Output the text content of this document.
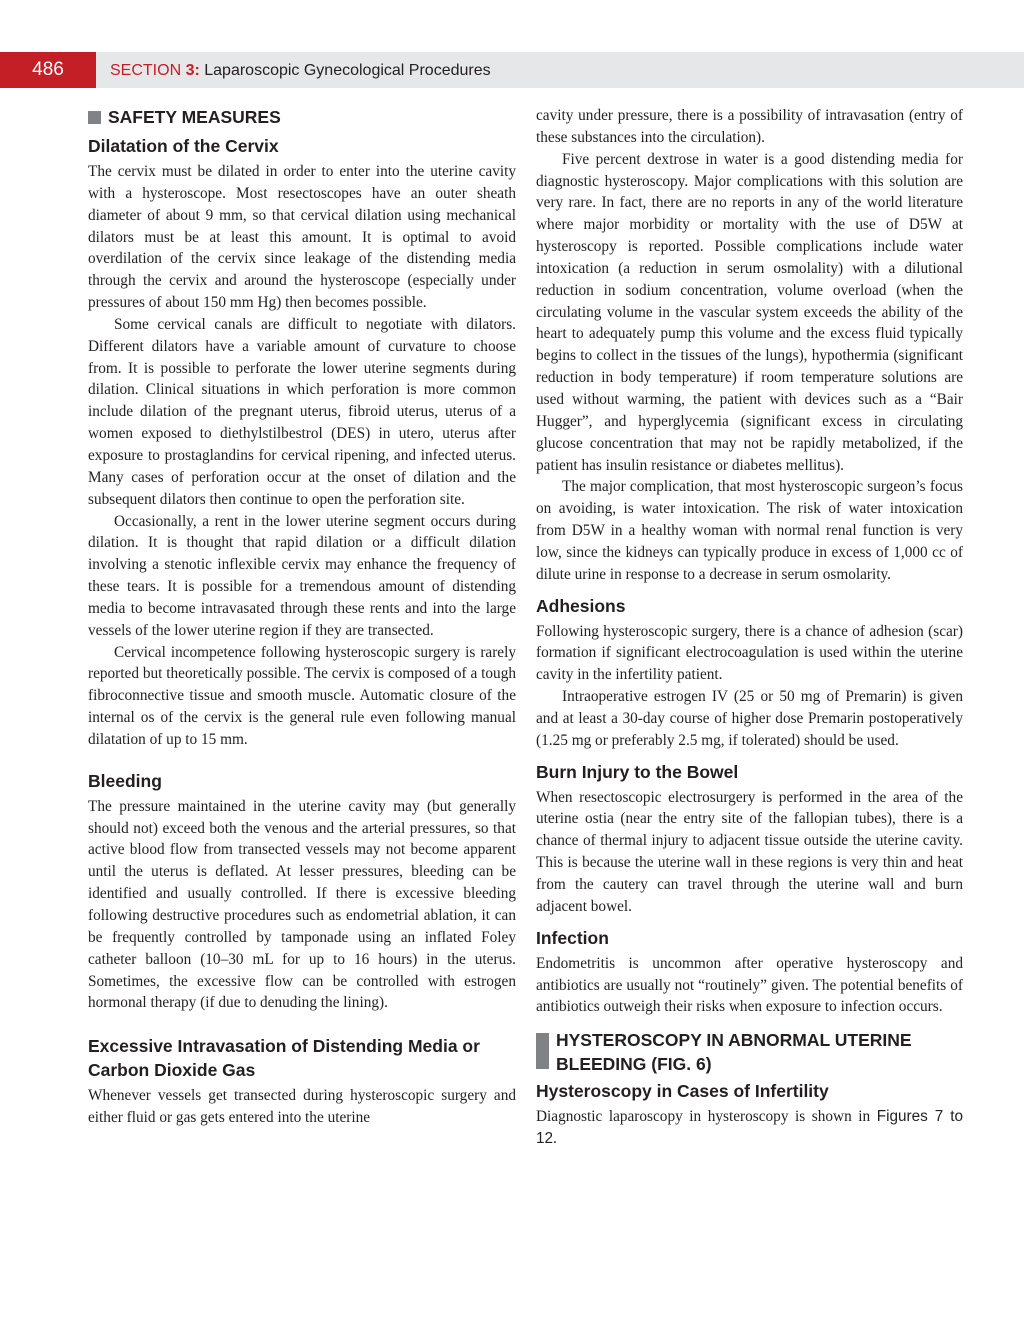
486	SECTION 3: Laparoscopic Gynecological Procedures
SAFETY MEASURES
Dilatation of the Cervix

The cervix must be dilated in order to enter into the uterine cavity with a hysteroscope. Most resectoscopes have an outer sheath diameter of about 9 mm, so that cervical dilation using mechanical dilators must be at least this amount. It is optimal to avoid overdilation of the cervix since leakage of the distending media through the cervix and around the hysteroscope (especially under pressures of about 150 mm Hg) then becomes possible.

Some cervical canals are difficult to negotiate with dilators. Different dilators have a variable amount of curvature to choose from. It is possible to perforate the lower uterine segments during dilation. Clinical situations in which perforation is more common include dilation of the pregnant uterus, fibroid uterus, uterus of a women exposed to diethylstilbestrol (DES) in utero, uterus after exposure to prostaglandins for cervical ripening, and infected uterus. Many cases of perforation occur at the onset of dilation and the subsequent dilators then continue to open the perforation site.

Occasionally, a rent in the lower uterine segment occurs during dilation. It is thought that rapid dilation or a difficult dilation involving a stenotic inflexible cervix may enhance the frequency of these tears. It is possible for a tremendous amount of distending media to become intravasated through these rents and into the large vessels of the lower uterine region if they are transected.

Cervical incompetence following hysteroscopic surgery is rarely reported but theoretically possible. The cervix is composed of a tough fibroconnective tissue and smooth muscle. Automatic closure of the internal os of the cervix is the general rule even following manual dilatation of up to 15 mm.

Bleeding

The pressure maintained in the uterine cavity may (but generally should not) exceed both the venous and the arterial pressures, so that active blood flow from transected vessels may not become apparent until the uterus is deflated. At lesser pressures, bleeding can be identified and usually controlled. If there is excessive bleeding following destructive procedures such as endometrial ablation, it can be frequently controlled by tamponade using an inflated Foley catheter balloon (10–30 mL for up to 16 hours) in the uterus. Sometimes, the excessive flow can be controlled with estrogen hormonal therapy (if due to denuding the lining).

Excessive Intravasation of Distending Media or Carbon Dioxide Gas

Whenever vessels get transected during hysteroscopic surgery and either fluid or gas gets entered into the uterine

cavity under pressure, there is a possibility of intravasation (entry of these substances into the circulation).

Five percent dextrose in water is a good distending media for diagnostic hysteroscopy. Major complications with this solution are very rare. In fact, there are no reports in any of the world literature where major morbidity or mortality with the use of D5W at hysteroscopy is reported. Possible complications include water intoxication (a reduction in serum osmolality) with a dilutional reduction in sodium concentration, volume overload (when the circulating volume in the vascular system exceeds the ability of the heart to adequately pump this volume and the excess fluid typically begins to collect in the tissues of the lungs), hypothermia (significant reduction in body temperature) if room temperature solutions are used without warming, the patient with devices such as a “Bair Hugger”, and hyperglycemia (significant excess in circulating glucose concentration that may not be rapidly metabolized, if the patient has insulin resistance or diabetes mellitus).

The major complication, that most hysteroscopic surgeon’s focus on avoiding, is water intoxication. The risk of water intoxication from D5W in a healthy woman with normal renal function is very low, since the kidneys can typically produce in excess of 1,000 cc of dilute urine in response to a decrease in serum osmolarity.

Adhesions

Following hysteroscopic surgery, there is a chance of adhesion (scar) formation if significant electrocoagulation is used within the uterine cavity in the infertility patient.

Intraoperative estrogen IV (25 or 50 mg of Premarin) is given and at least a 30-day course of higher dose Premarin postoperatively (1.25 mg or preferably 2.5 mg, if tolerated) should be used.

Burn Injury to the Bowel

When resectoscopic electrosurgery is performed in the area of the uterine ostia (near the entry site of the fallopian tubes), there is a chance of thermal injury to adjacent tissue outside the uterine cavity. This is because the uterine wall in these regions is very thin and heat from the cautery can travel through the uterine wall and burn adjacent bowel.

Infection

Endometritis is uncommon after operative hysteroscopy and antibiotics are usually not “routinely” given. The potential benefits of antibiotics outweigh their risks when exposure to infection occurs.

HYSTEROSCOPY IN ABNORMAL UTERINE
BLEEDING (FIG. 6)
Hysteroscopy in Cases of Infertility

Diagnostic laparoscopy in hysteroscopy is shown in Figures 7 to 12.
